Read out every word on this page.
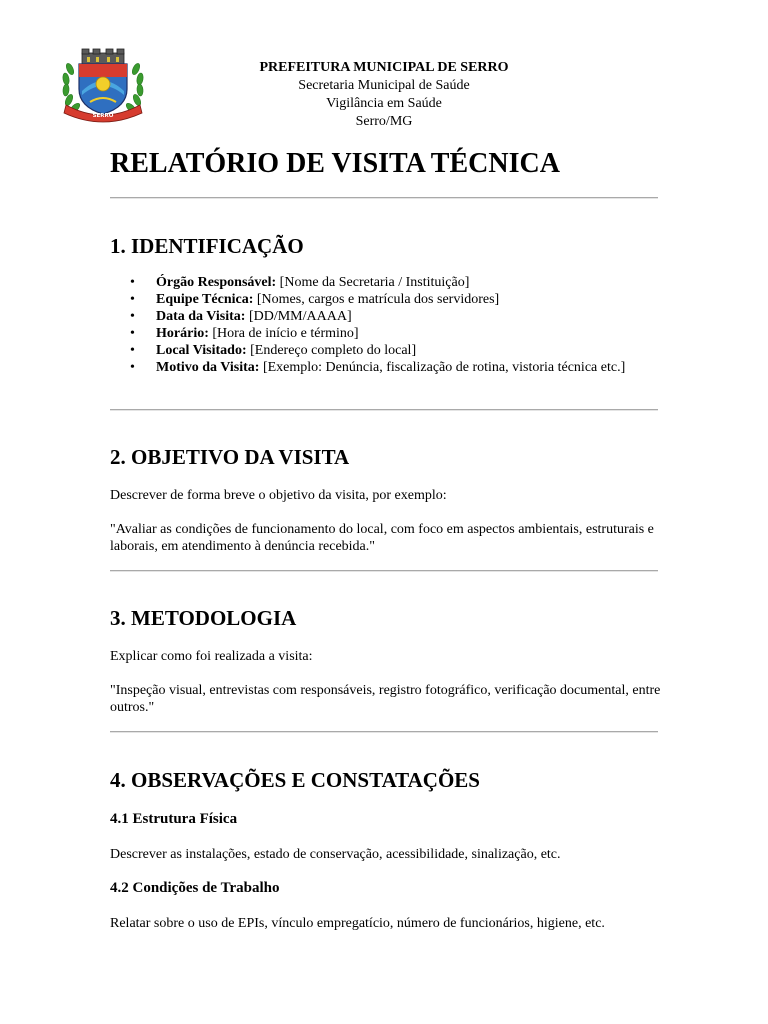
SERRO
PREFEITURA MUNICIPAL DE SERRO
Secretaria Municipal de Saúde
Vigilância em Saúde
Serro/MG
RELATÓRIO DE VISITA TÉCNICA
1. IDENTIFICAÇÃO
• Órgão Responsável: [Nome da Secretaria / Instituição]
• Equipe Técnica: [Nomes, cargos e matrícula dos servidores]
• Data da Visita: [DD/MM/AAAA]
• Horário: [Hora de início e término]
• Local Visitado: [Endereço completo do local]
• Motivo da Visita: [Exemplo: Denúncia, fiscalização de rotina, vistoria técnica etc.]
2. OBJETIVO DA VISITA

Descrever de forma breve o objetivo da visita, por exemplo:

"Avaliar as condições de funcionamento do local, com foco em aspectos ambientais, estruturais e laborais, em atendimento à denúncia recebida."

3. METODOLOGIA

Explicar como foi realizada a visita:

"Inspeção visual, entrevistas com responsáveis, registro fotográfico, verificação documental, entre outros."

4. OBSERVAÇÕES E CONSTATAÇÕES
4.1 Estrutura Física

Descrever as instalações, estado de conservação, acessibilidade, sinalização, etc.

4.2 Condições de Trabalho

Relatar sobre o uso de EPIs, vínculo empregatício, número de funcionários, higiene, etc.
